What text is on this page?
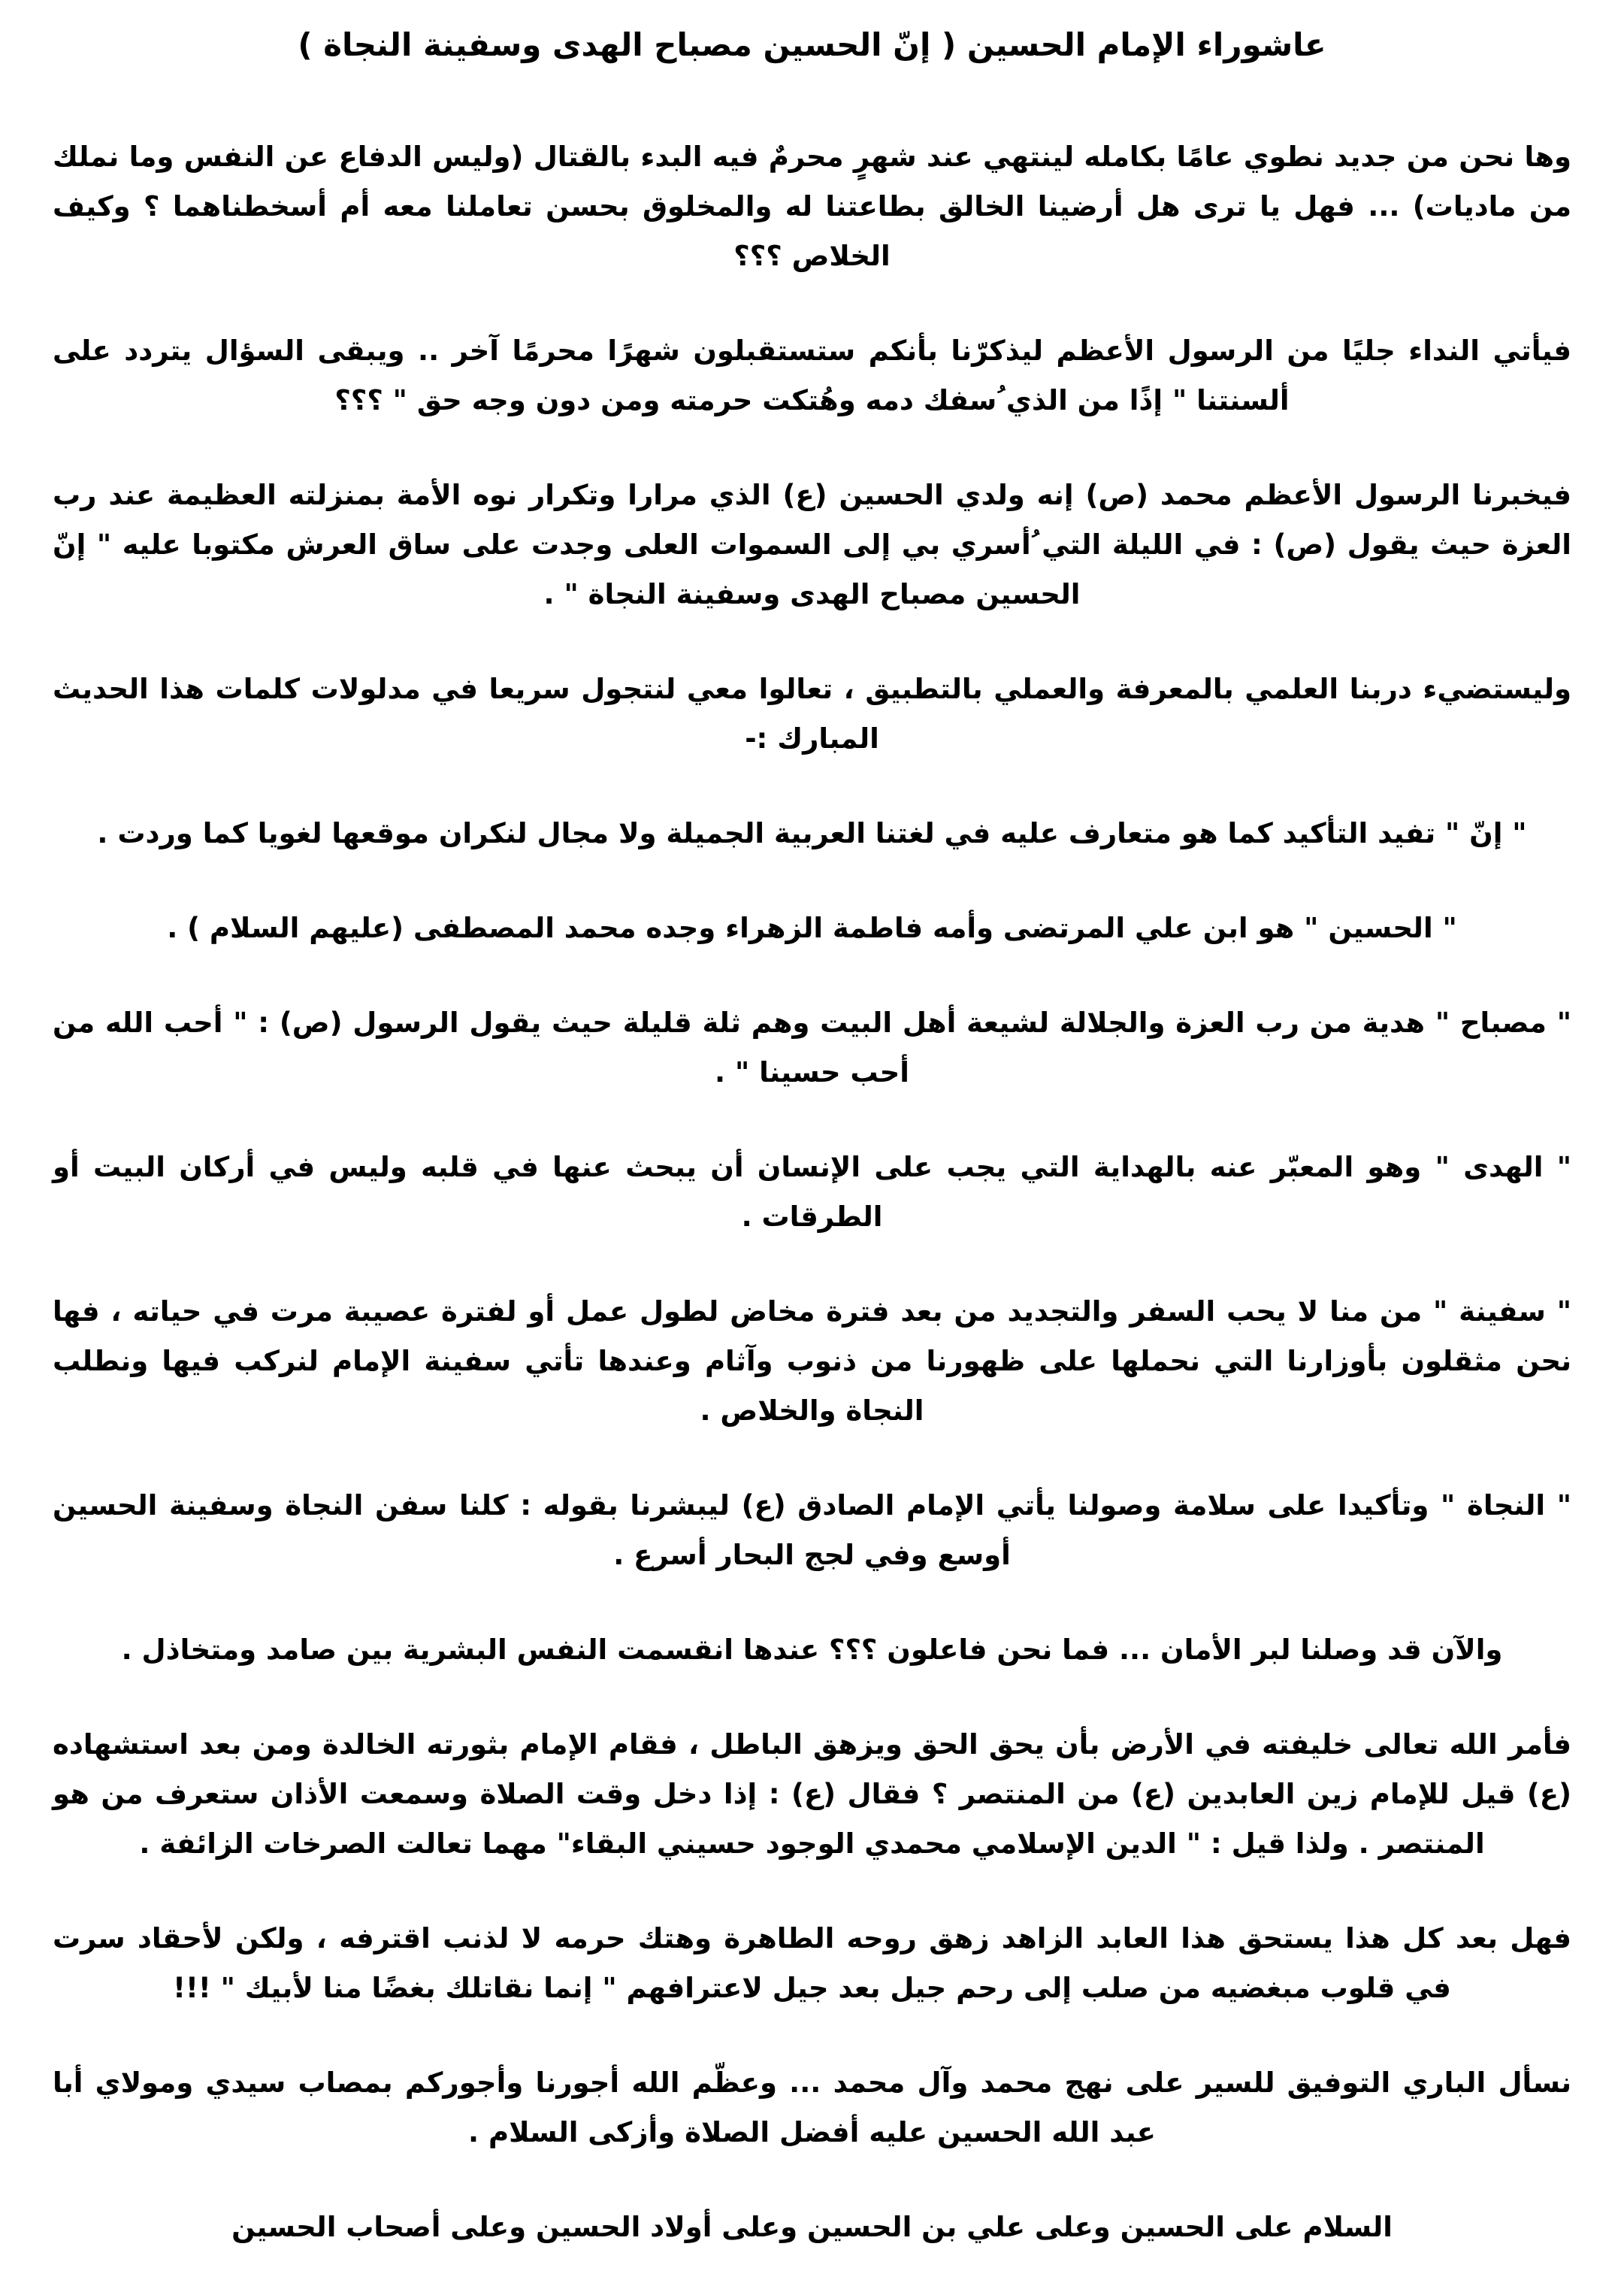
عاشوراء الإمام الحسين ( إنّ الحسين مصباح الهدى وسفينة النجاة )

وها نحن من جديد نطوي عامًا بكامله لينتهي عند شهرٍ محرمٌ فيه البدء بالقتال (وليس الدفاع عن النفس وما نملك من ماديات) ... فهل يا ترى هل أرضينا الخالق بطاعتنا له والمخلوق بحسن تعاملنا معه أم أسخطناهما ؟ وكيف الخلاص ؟؟؟

فيأتي النداء جليًا من الرسول الأعظم ليذكرّنا بأنكم ستستقبلون شهرًا محرمًا آخر .. ويبقى السؤال يتردد على ألسنتنا " إذًا من الذي ُسفك دمه وهُتكت حرمته ومن دون وجه حق " ؟؟؟

فيخبرنا الرسول الأعظم محمد (ص) إنه ولدي الحسين (ع) الذي مرارا وتكرار نوه الأمة بمنزلته العظيمة عند رب العزة حيث يقول (ص) : في الليلة التي ُأسري بي إلى السموات العلى وجدت على ساق العرش مكتوبا عليه " إنّ الحسين مصباح الهدى وسفينة النجاة " .

وليستضيء دربنا العلمي بالمعرفة والعملي بالتطبيق ، تعالوا معي لنتجول سريعا في مدلولات كلمات هذا الحديث المبارك :-

" إنّ " تفيد التأكيد كما هو متعارف عليه في لغتنا العربية الجميلة ولا مجال لنكران موقعها لغويا كما وردت .

" الحسين " هو ابن علي المرتضى وأمه فاطمة الزهراء وجده محمد المصطفى (عليهم السلام ) .

" مصباح " هدية من رب العزة والجلالة لشيعة أهل البيت وهم ثلة قليلة حيث يقول الرسول (ص) : " أحب الله من أحب حسينا " .

" الهدى " وهو المعبّر عنه بالهداية التي يجب على الإنسان أن يبحث عنها في قلبه وليس في أركان البيت أو الطرقات .

" سفينة " من منا لا يحب السفر والتجديد من بعد فترة مخاض لطول عمل أو لفترة عصيبة مرت في حياته ، فها نحن مثقلون بأوزارنا التي نحملها على ظهورنا من ذنوب وآثام وعندها تأتي سفينة الإمام لنركب فيها ونطلب النجاة والخلاص .

" النجاة " وتأكيدا على سلامة وصولنا يأتي الإمام الصادق (ع) ليبشرنا بقوله : كلنا سفن النجاة وسفينة الحسين أوسع وفي لجج البحار أسرع .

والآن قد وصلنا لبر الأمان ... فما نحن فاعلون ؟؟؟ عندها انقسمت النفس البشرية بين صامد ومتخاذل .

فأمر الله تعالى خليفته في الأرض بأن يحق الحق ويزهق الباطل ، فقام الإمام بثورته الخالدة ومن بعد استشهاده (ع) قيل للإمام زين العابدين (ع) من المنتصر ؟ فقال (ع) : إذا دخل وقت الصلاة وسمعت الأذان ستعرف من هو المنتصر . ولذا قيل : " الدين الإسلامي محمدي الوجود حسيني البقاء" مهما تعالت الصرخات الزائفة .

فهل بعد كل هذا يستحق هذا العابد الزاهد زهق روحه الطاهرة وهتك حرمه لا لذنب اقترفه ، ولكن لأحقاد سرت في قلوب مبغضيه من صلب إلى رحم جيل بعد جيل لاعترافهم " إنما نقاتلك بغضًا منا لأبيك " !!!

نسأل الباري التوفيق للسير على نهج محمد وآل محمد ... وعظّم الله أجورنا وأجوركم بمصاب سيدي ومولاي أبا عبد الله الحسين عليه أفضل الصلاة وأزكى السلام .

السلام على الحسين وعلى علي بن الحسين وعلى أولاد الحسين وعلى أصحاب الحسين
